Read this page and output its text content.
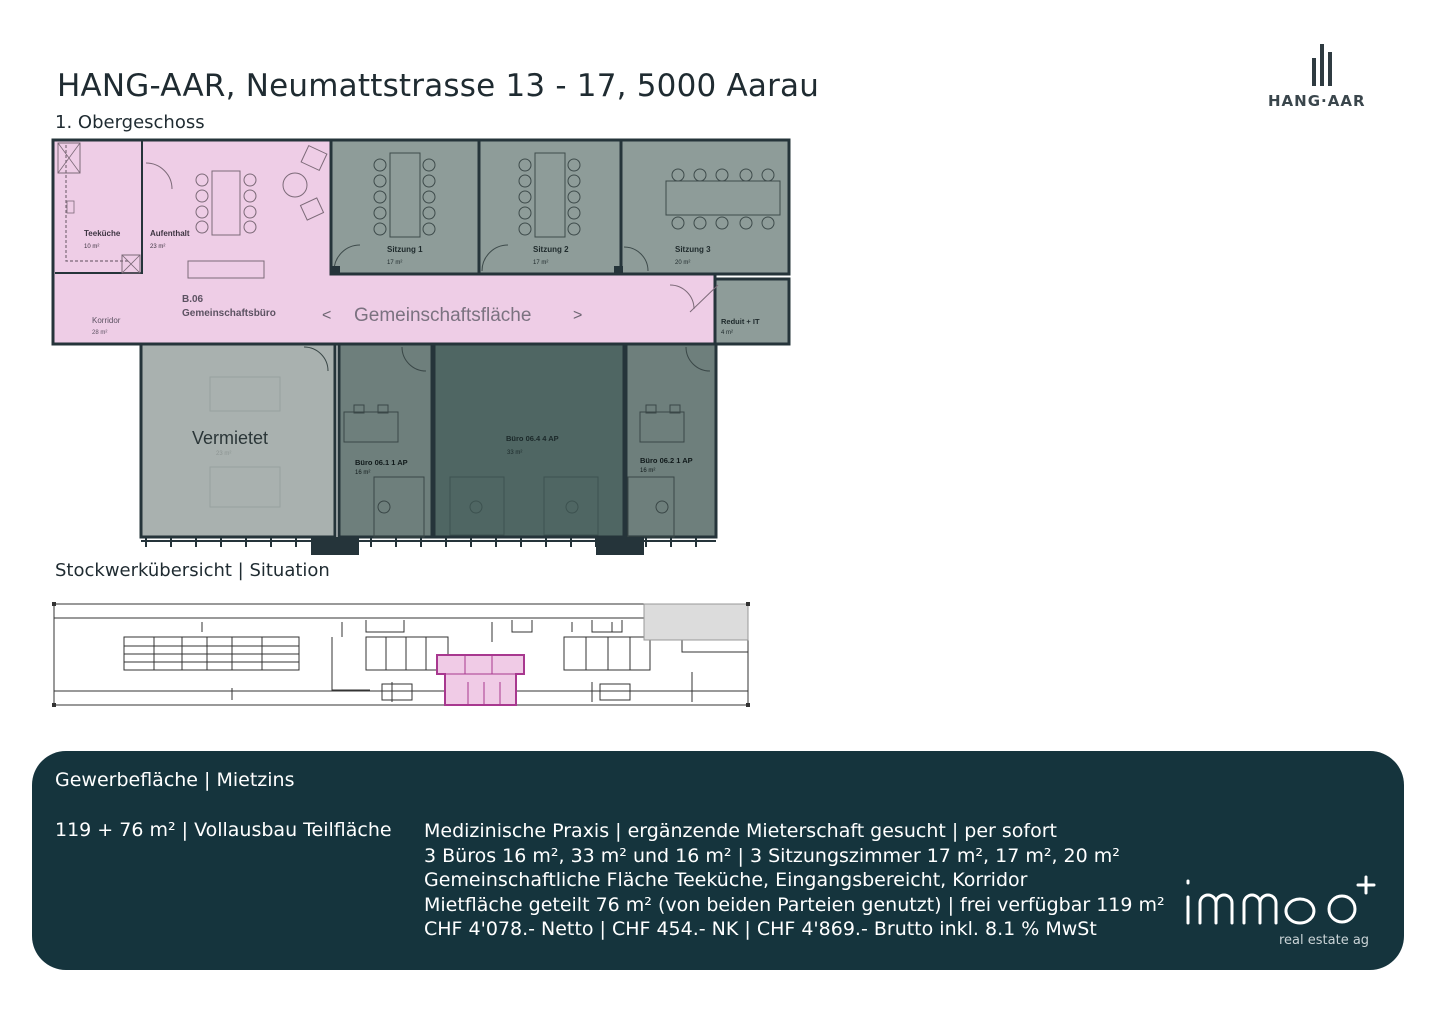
HANG-AAR, Neumattstrasse 13 - 17, 5000 Aarau
1. Obergeschoss
HANG·AAR
Teeküche
10 m²
Aufenthalt
23 m²
B.06
Gemeinschaftsbüro
Korridor
28 m²
< Gemeinschaftsfläche	>
Sitzung 1
17 m²
Sitzung 2
17 m²
Sitzung 3
20 m²
Reduit + IT
4 m²
Vermietet
23 m²
Büro 06.1 1 AP
16 m²
Büro 06.4 4 AP
33 m²
Büro 06.2 1 AP
16 m²
Stockwerkübersicht | Situation
Gewerbefläche | Mietzins
119 + 76 m² | Vollausbau Teilfläche Medizinische Praxis | ergänzende Mieterschaft gesucht | per sofort
3 Büros 16 m², 33 m² und 16 m² | 3 Sitzungszimmer 17 m², 17 m², 20 m²
Gemeinschaftliche Fläche Teeküche, Eingangsbereicht, Korridor
Mietfläche geteilt 76 m² (von beiden Parteien genutzt) | frei verfügbar 119 m²
CHF 4'078.- Netto | CHF 454.- NK | CHF 4'869.- Brutto inkl. 8.1 % MwSt
real estate ag
